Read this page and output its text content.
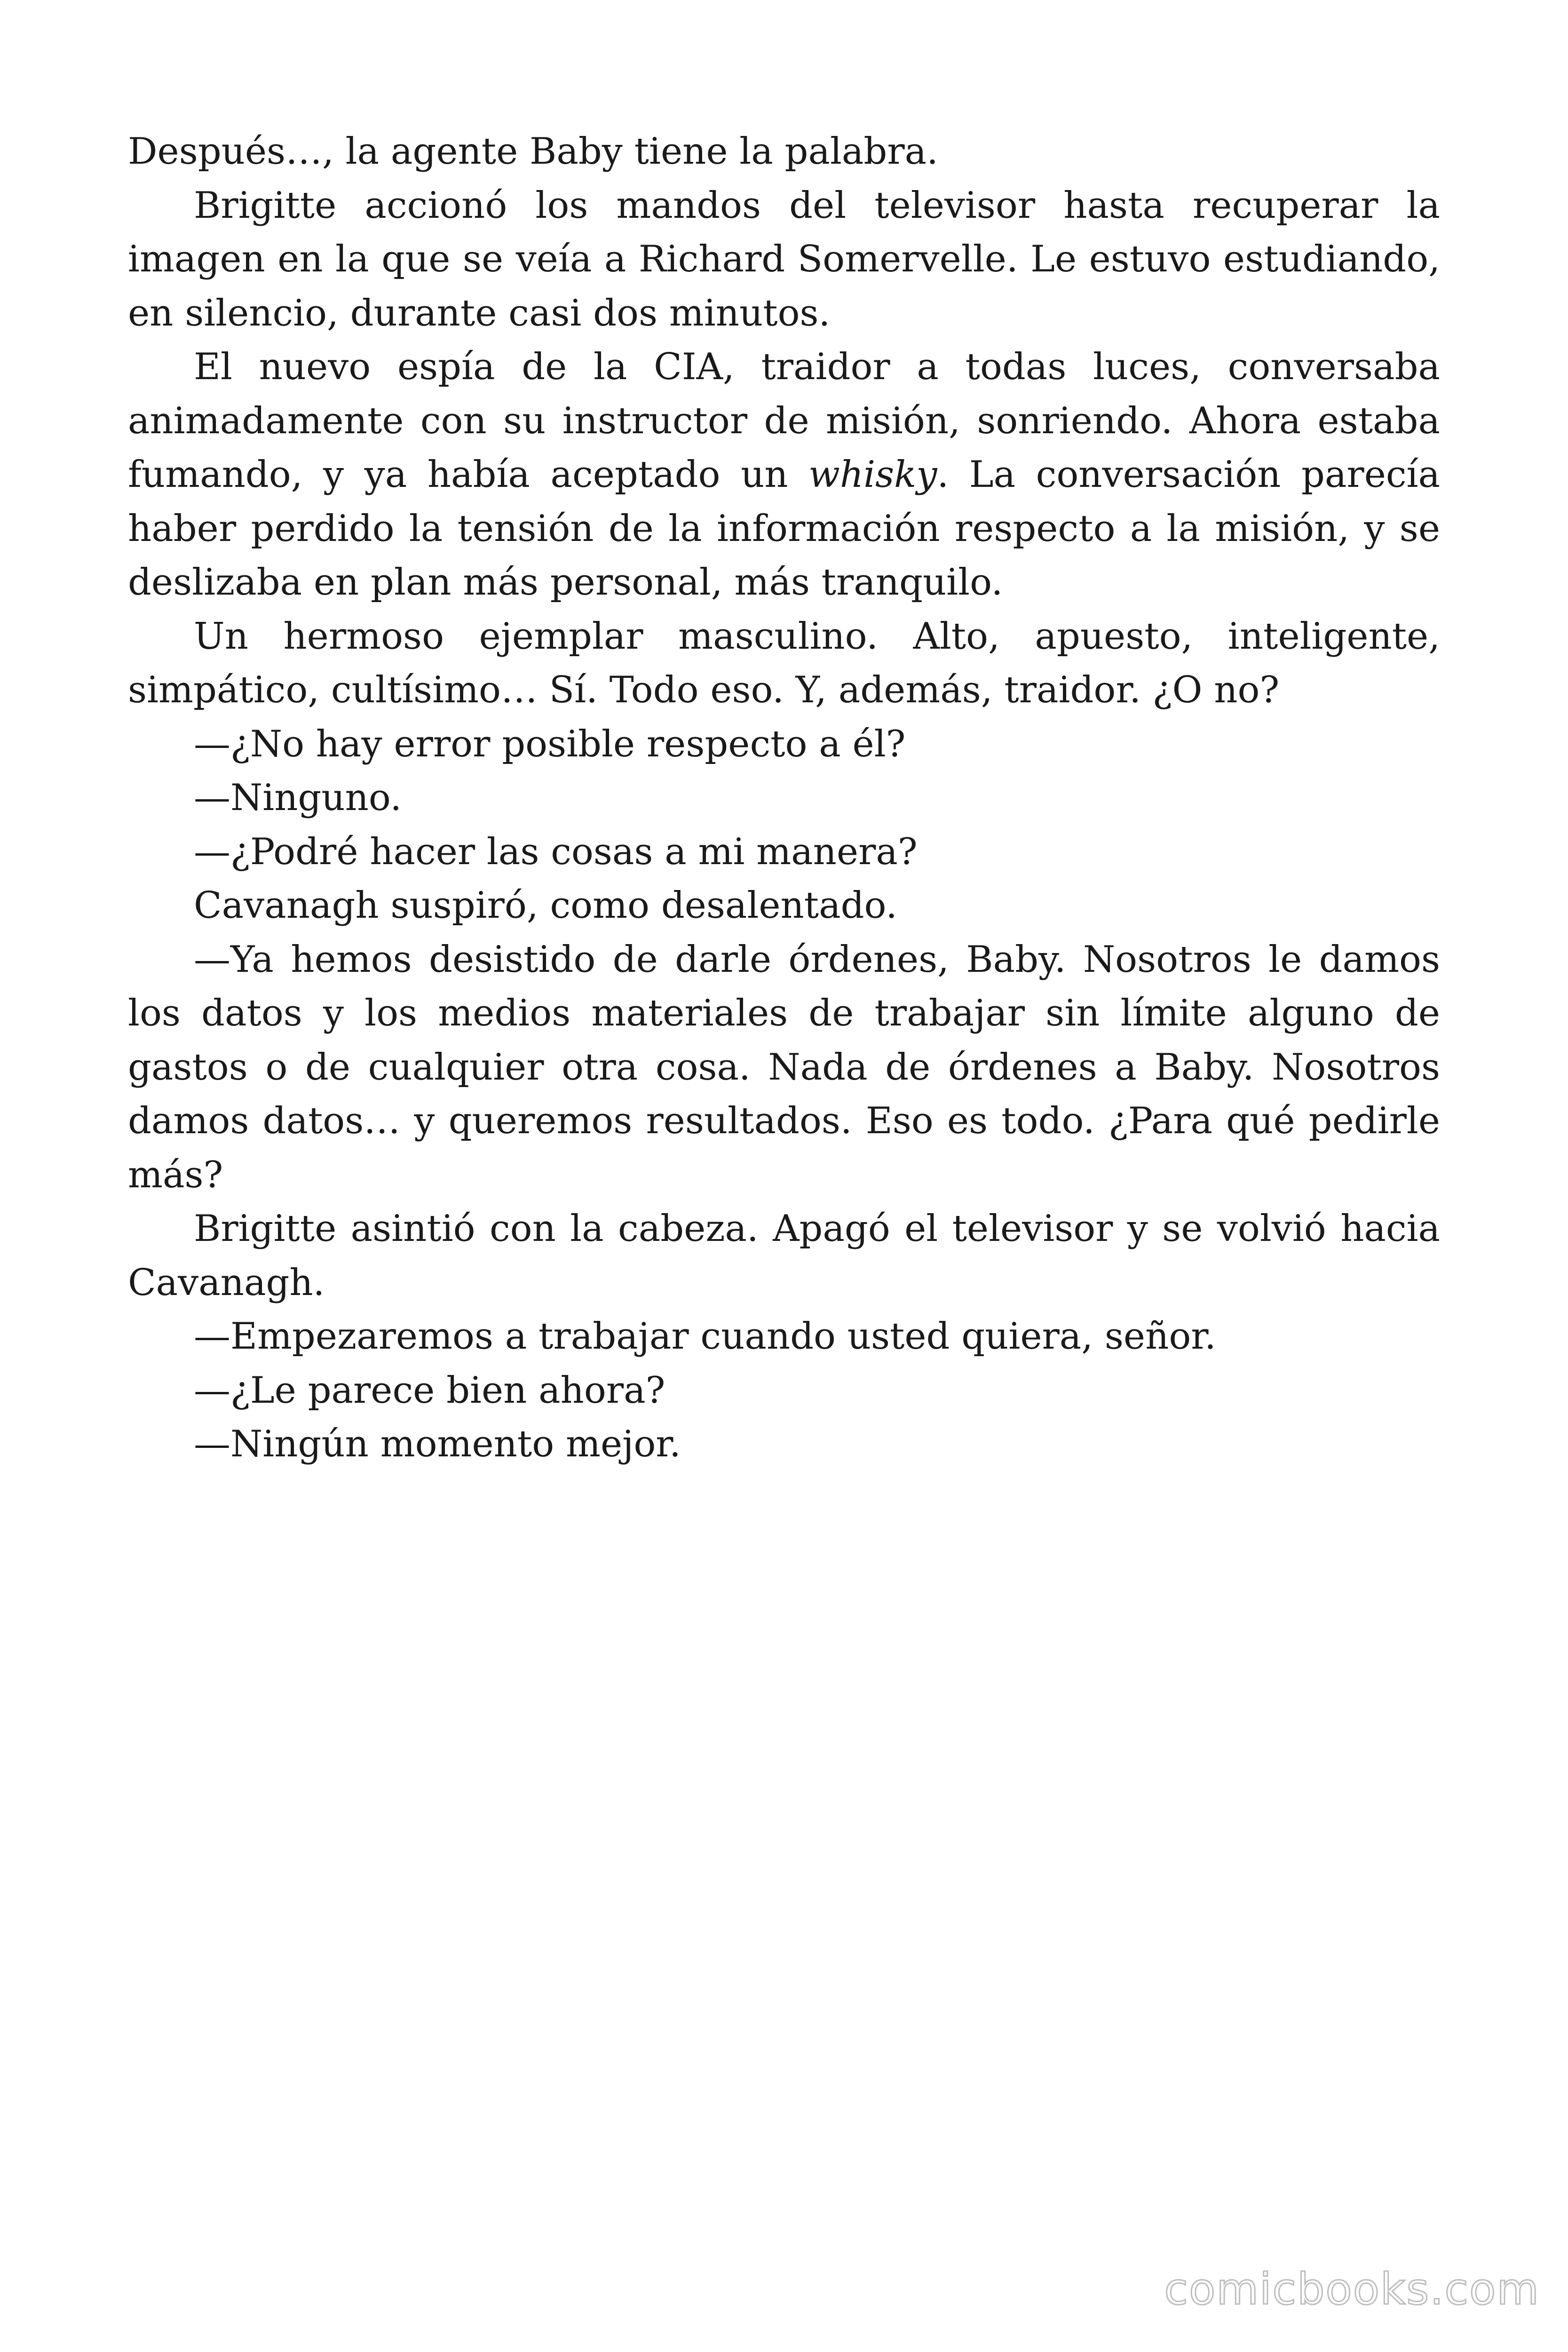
Después…, la agente Baby tiene la palabra.

Brigitte accionó los mandos del televisor hasta recuperar la imagen en la que se veía a Richard Somervelle. Le estuvo estudiando, en silencio, durante casi dos minutos.

El nuevo espía de la CIA, traidor a todas luces, conversaba animadamente con su instructor de misión, sonriendo. Ahora estaba fumando, y ya había aceptado un whisky. La conversación parecía haber perdido la tensión de la información respecto a la misión, y se deslizaba en plan más personal, más tranquilo.

Un hermoso ejemplar masculino. Alto, apuesto, inteligente, simpático, cultísimo… Sí. Todo eso. Y, además, traidor. ¿O no?

—¿No hay error posible respecto a él?

—Ninguno.

—¿Podré hacer las cosas a mi manera?

Cavanagh suspiró, como desalentado.

—Ya hemos desistido de darle órdenes, Baby. Nosotros le damos los datos y los medios materiales de trabajar sin límite alguno de gastos o de cualquier otra cosa. Nada de órdenes a Baby. Nosotros damos datos… y queremos resultados. Eso es todo. ¿Para qué pedirle más?

Brigitte asintió con la cabeza. Apagó el televisor y se volvió hacia Cavanagh.

—Empezaremos a trabajar cuando usted quiera, señor.

—¿Le parece bien ahora?

—Ningún momento mejor.

comicbooks.com
